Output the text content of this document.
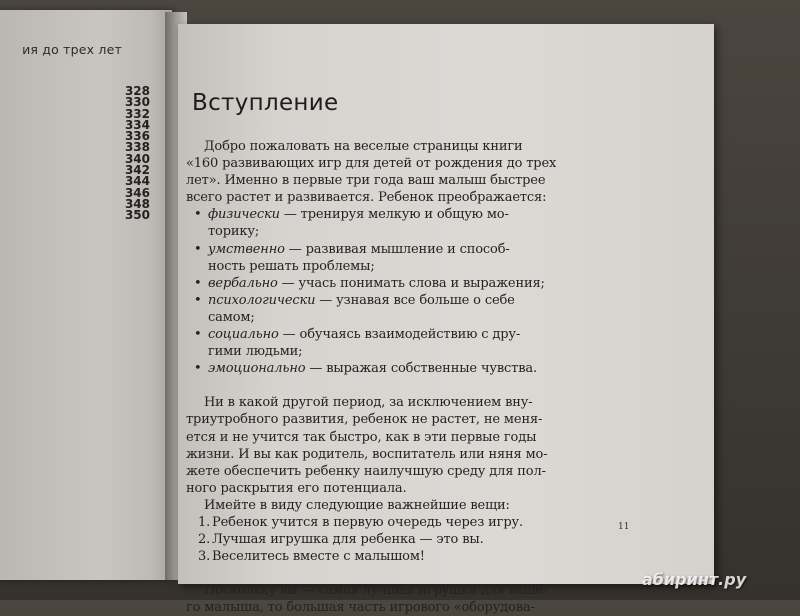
ия до трех лет
328
330
332
334
336
338
340
342
344
346
348
350
Вступление

Добро пожаловать на веселые страницы книги
«160 развивающих игр для детей от рождения до трех
лет». Именно в первые три года ваш малыш быстрее
всего растет и развивается. Ребенок преображается:

• физически — тренируя мелкую и общую мо-
торику;
• умственно — развивая мышление и способ-
ность решать проблемы;
• вербально — учась понимать слова и выражения;
• психологически — узнавая все больше о себе
самом;
• социально — обучаясь взаимодействию с дру-
гими людьми;
• эмоционально — выражая собственные чувства.

Ни в какой другой период, за исключением вну-
триутробного развития, ребенок не растет, не меня-
ется и не учится так быстро, как в эти первые годы
жизни. И вы как родитель, воспитатель или няня мо-
жете обеспечить ребенку наилучшую среду для пол-
ного раскрытия его потенциала.

Имейте в виду следующие важнейшие вещи:

1. Ребенок учится в первую очередь через игру.
2. Лучшая игрушка для ребенка — это вы.
3. Веселитесь вместе с малышом!

Поскольку вы — самая лучшая игрушка для ваше-
го малыша, то большая часть игрового «оборудова-

11
абиринт.ру
